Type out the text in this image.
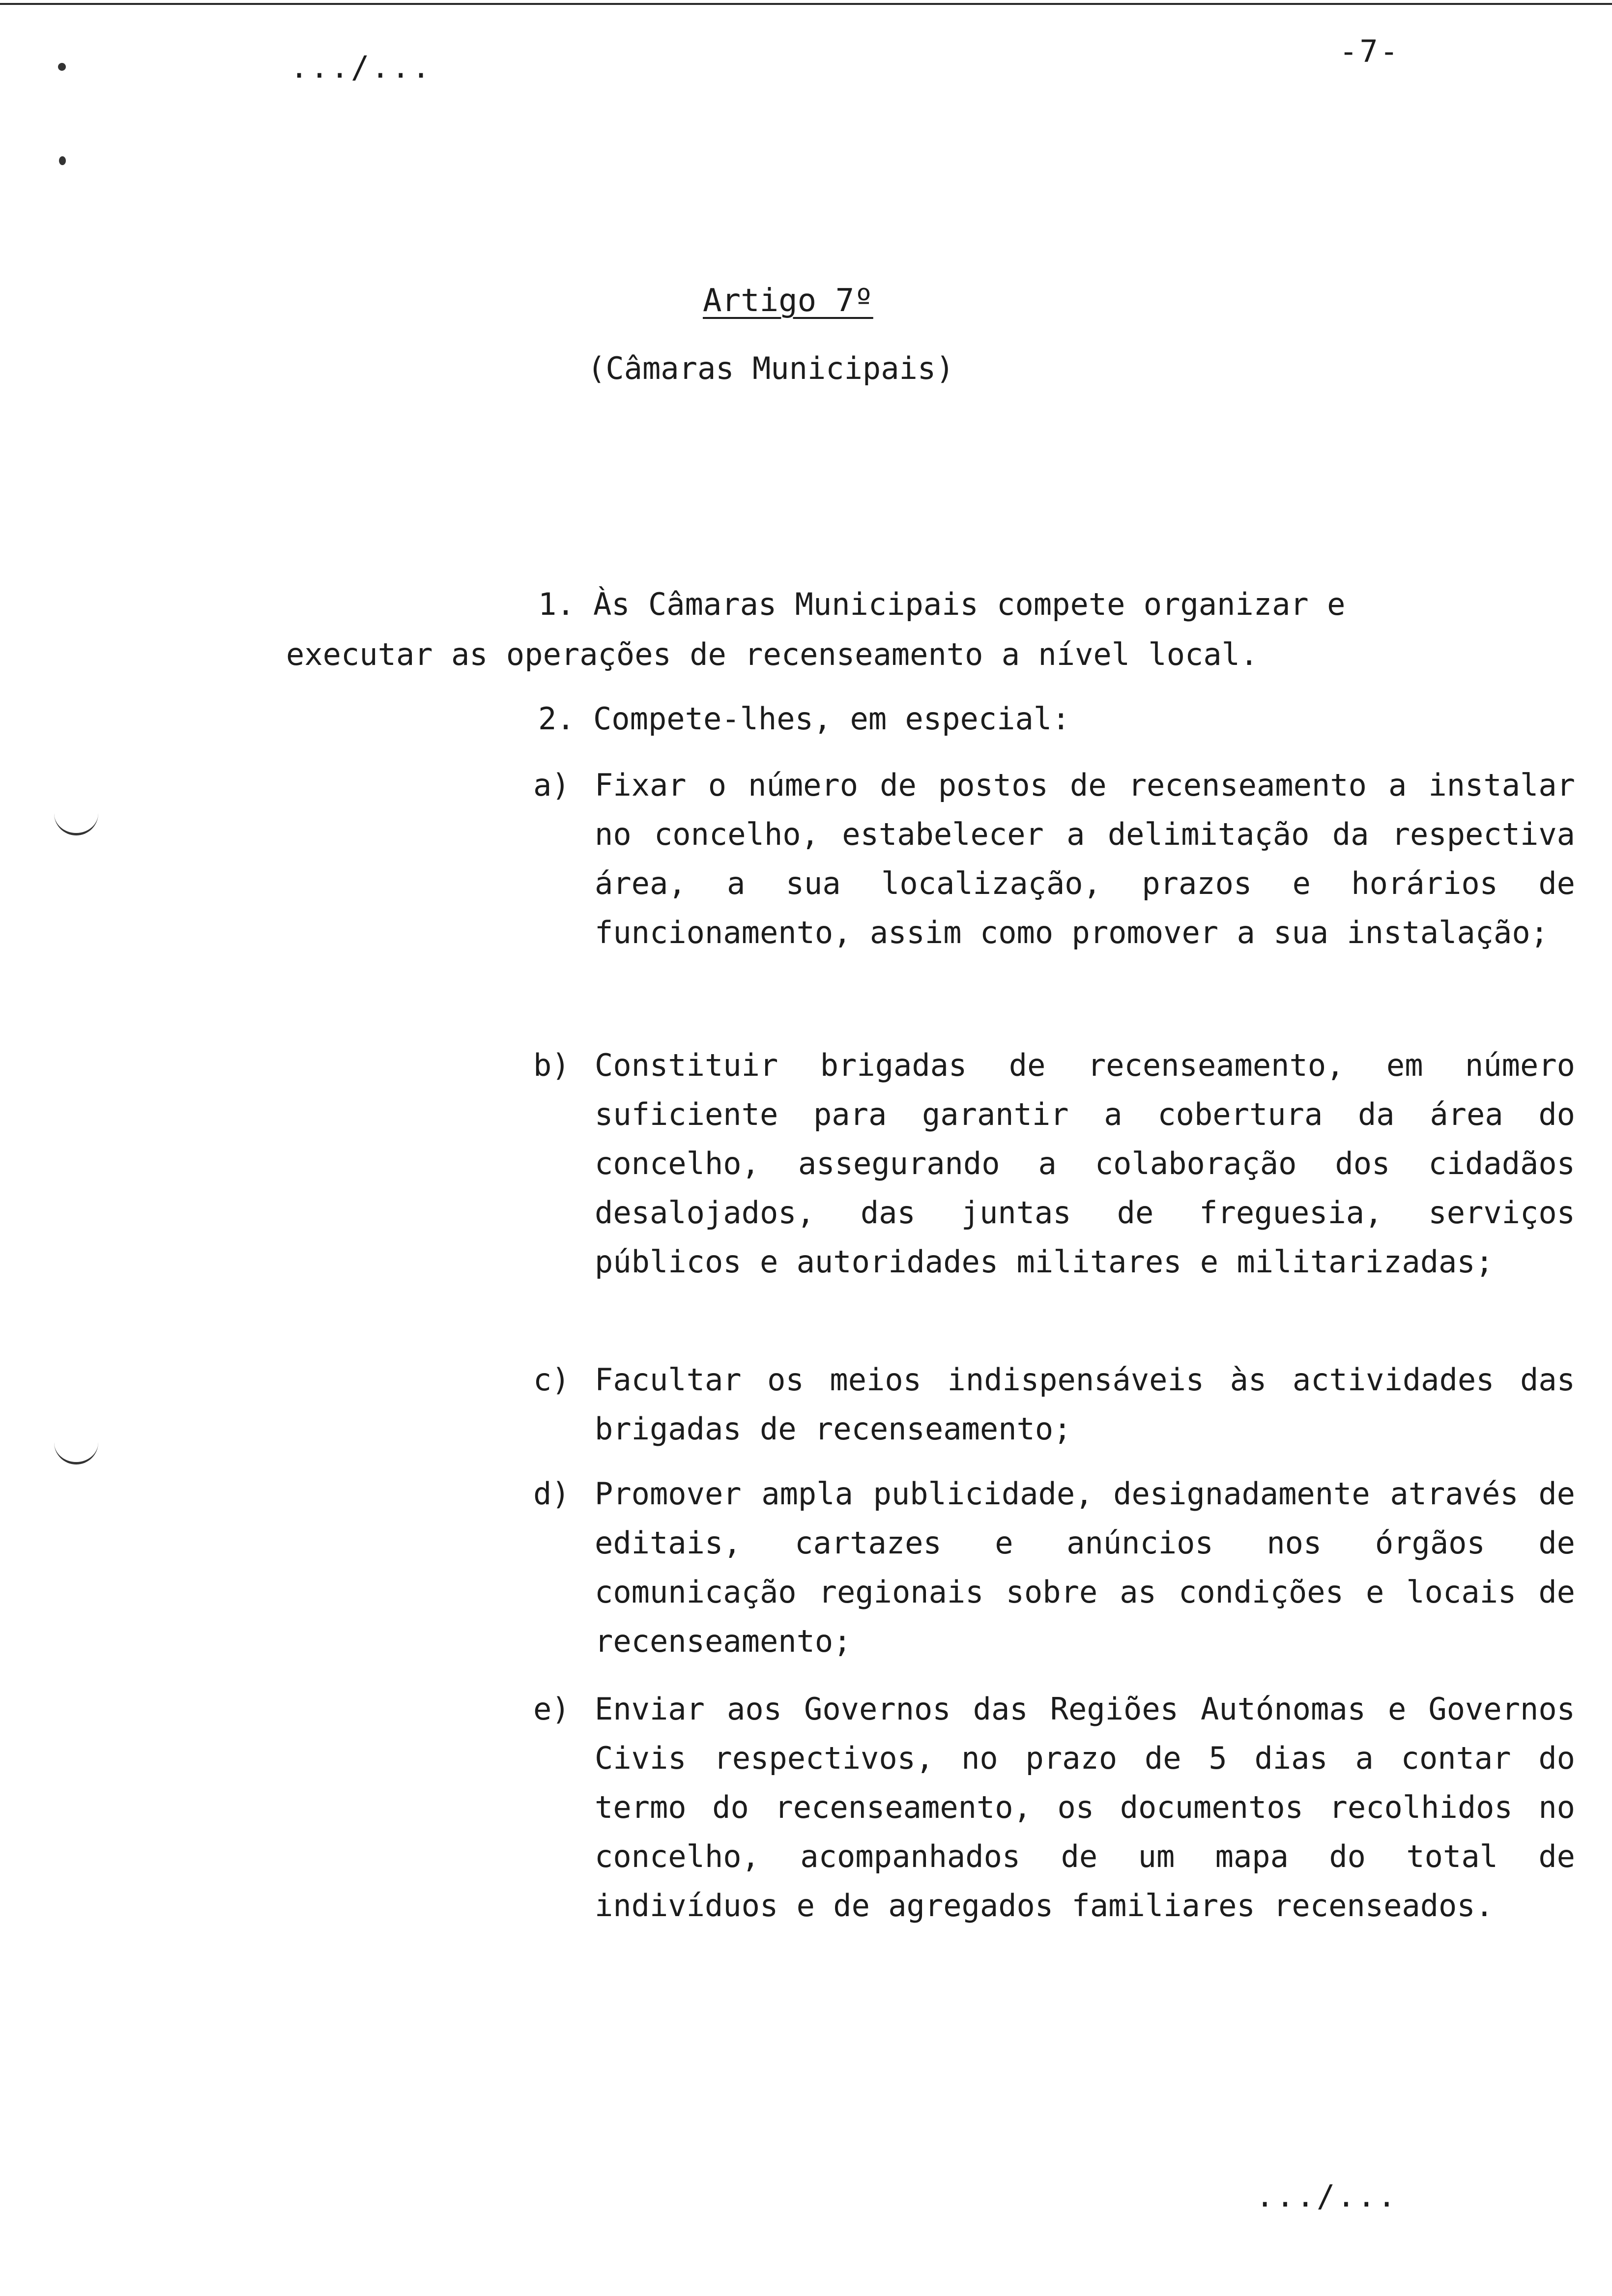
.../...	-7-
Artigo 7º
(Câmaras Municipais)
1. Às Câmaras Municipais compete organizar e
executar as operações de recenseamento a nível local.
2. Compete-lhes, em especial:
a) Fixar o número de postos de recenseamento a instalar no concelho, estabelecer a delimitação da respectiva área, a sua localização, prazos e horários de funcionamento, assim como promover a sua instalação;
b) Constituir brigadas de recenseamento, em número suficiente para garantir a cobertura da área do concelho, assegurando a colaboração dos cidadãos desalojados, das juntas de freguesia, serviços públicos e autoridades militares e militarizadas;
c) Facultar os meios indispensáveis às actividades das brigadas de recenseamento;
d) Promover ampla publicidade, designadamente através de editais, cartazes e anúncios nos órgãos de comunicação regionais sobre as condições e locais de recenseamento;
e) Enviar aos Governos das Regiões Autónomas e Governos Civis respectivos, no prazo de 5 dias a contar do termo do recenseamento, os documentos recolhidos no concelho, acompanhados de um mapa do total de indivíduos e de agregados familiares recenseados.
.../...
